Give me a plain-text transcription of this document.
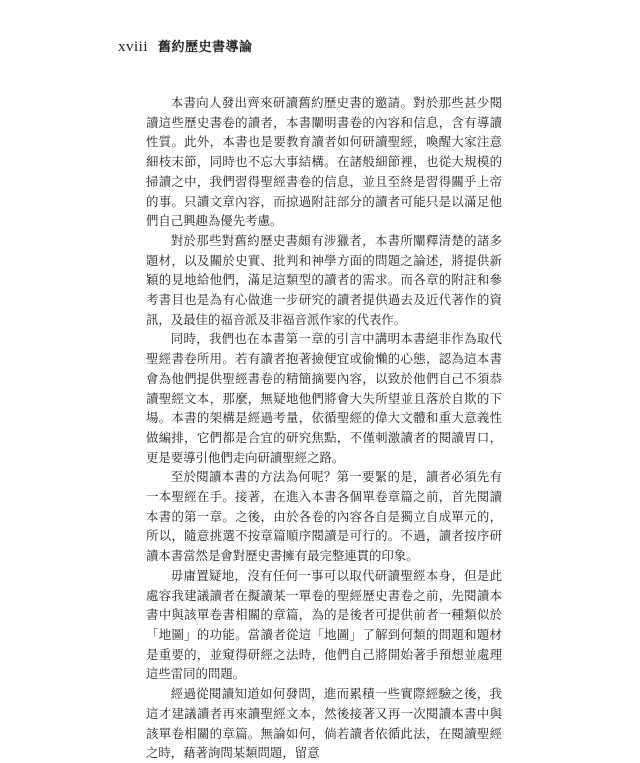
xviii 舊約歷史書導論

本書向人發出齊來研讀舊約歷史書的邀請。對於那些甚少閱讀這些歷史書卷的讀者，本書闡明書卷的內容和信息，含有導讀性質。此外，本書也是要教育讀者如何研讀聖經，喚醒大家注意細枝末節，同時也不忘大事結構。在諸般細節裡，也從大規模的掃讀之中，我們習得聖經書卷的信息，並且至終是習得關乎上帝的事。只讀文章內容，而掠過附註部分的讀者可能只是以滿足他們自己興趣為優先考慮。

對於那些對舊約歷史書頗有涉獵者，本書所闡釋清楚的諸多題材，以及關於史實、批判和神學方面的問題之論述，將提供新穎的見地給他們，滿足這類型的讀者的需求。而各章的附註和參考書目也是為有心做進一步研究的讀者提供過去及近代著作的資訊，及最佳的福音派及非福音派作家的代表作。

同時，我們也在本書第一章的引言中講明本書絕非作為取代聖經書卷所用。若有讀者抱著撿便宜或偷懶的心態，認為這本書會為他們提供聖經書卷的精簡摘要內容，以致於他們自己不須恭讀聖經文本，那麼，無疑地他們將會大失所望並且落於自欺的下場。本書的架構是經過考量，依循聖經的偉大文體和重大意義性做編排，它們都是合宜的研究焦點，不僅刺激讀者的閱讀胃口，更是要導引他們走向研讀聖經之路。

至於閱讀本書的方法為何呢？第一要緊的是，讀者必須先有一本聖經在手。接著，在進入本書各個單卷章篇之前，首先閱讀本書的第一章。之後，由於各卷的內容各自是獨立自成單元的，所以，隨意挑選不按章篇順序閱讀是可行的。不過，讀者按序研讀本書當然是會對歷史書擁有最完整連貫的印象。

毋庸置疑地，沒有任何一事可以取代研讀聖經本身，但是此處容我建議讀者在擬讀某一單卷的聖經歷史書卷之前，先閱讀本書中與該單卷書相關的章篇，為的是後者可提供前者一種類似於「地圖」的功能。當讀者從這「地圖」了解到何類的問題和題材是重要的，並窺得研經之法時，他們自己將開始著手預想並處理這些雷同的問題。

經過從閱讀知道如何發問，進而累積一些實際經驗之後，我這才建議讀者再來讀聖經文本，然後接著又再一次閱讀本書中與該單卷相關的章篇。無論如何，倘若讀者依循此法，在閱讀聖經之時，藉著詢問某類問題，留意
